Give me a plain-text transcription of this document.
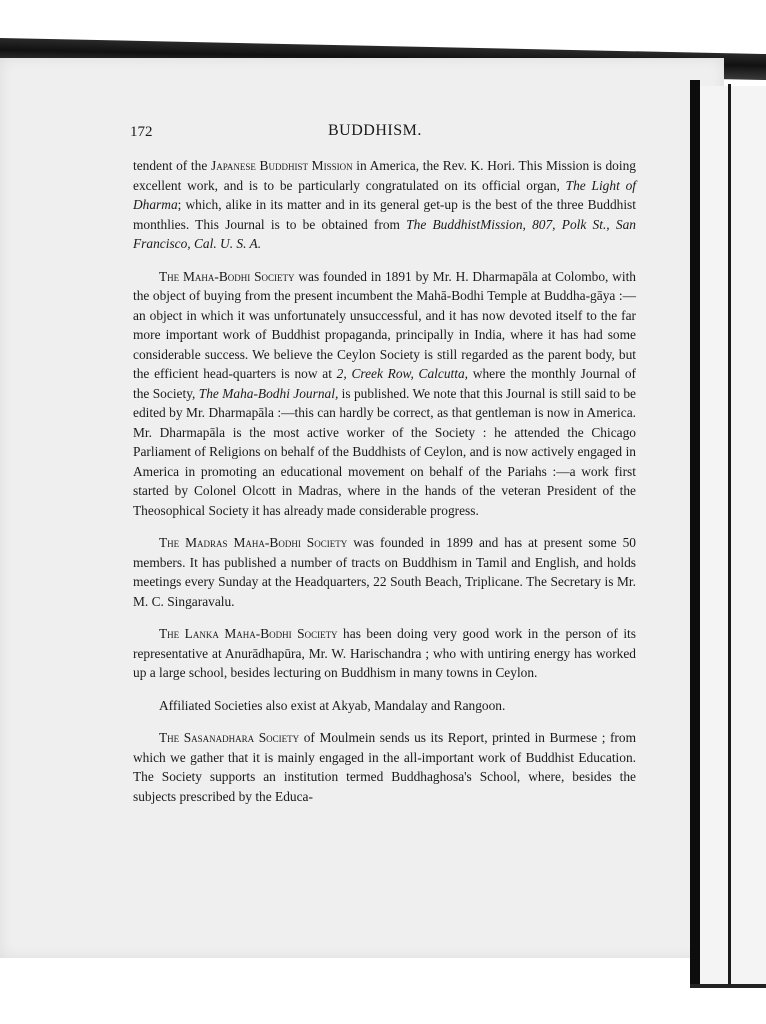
172	BUDDHISM.

tendent of the Japanese Buddhist Mission in America, the Rev. K. Hori. This Mission is doing excellent work, and is to be particularly congratulated on its official organ, The Light of Dharma; which, alike in its matter and in its general get-up is the best of the three Buddhist monthlies. This Journal is to be obtained from The BuddhistMission, 807, Polk St., San Francisco, Cal. U. S. A.

The Maha-Bodhi Society was founded in 1891 by Mr. H. Dharmapāla at Colombo, with the object of buying from the present incumbent the Mahā-Bodhi Temple at Buddha-gāya :—an object in which it was unfortunately unsuccessful, and it has now devoted itself to the far more important work of Buddhist propaganda, principally in India, where it has had some considerable success. We believe the Ceylon Society is still regarded as the parent body, but the efficient head-quarters is now at 2, Creek Row, Calcutta, where the monthly Journal of the Society, The Maha-Bodhi Journal, is published. We note that this Journal is still said to be edited by Mr. Dharmapāla :—this can hardly be correct, as that gentleman is now in America. Mr. Dharmapāla is the most active worker of the Society : he attended the Chicago Parliament of Religions on behalf of the Buddhists of Ceylon, and is now actively engaged in America in promoting an educational movement on behalf of the Pariahs :—a work first started by Colonel Olcott in Madras, where in the hands of the veteran President of the Theosophical Society it has already made considerable progress.

The Madras Maha-Bodhi Society was founded in 1899 and has at present some 50 members. It has published a number of tracts on Buddhism in Tamil and English, and holds meetings every Sunday at the Headquarters, 22 South Beach, Triplicane. The Secretary is Mr. M. C. Singaravalu.

The Lanka Maha-Bodhi Society has been doing very good work in the person of its representative at Anurādhapūra, Mr. W. Harischandra ; who with untiring energy has worked up a large school, besides lecturing on Buddhism in many towns in Ceylon.

Affiliated Societies also exist at Akyab, Mandalay and Rangoon.

The Sasanadhara Society of Moulmein sends us its Report, printed in Burmese ; from which we gather that it is mainly engaged in the all-important work of Buddhist Education. The Society supports an institution termed Buddhaghosa's School, where, besides the subjects prescribed by the Educa-
